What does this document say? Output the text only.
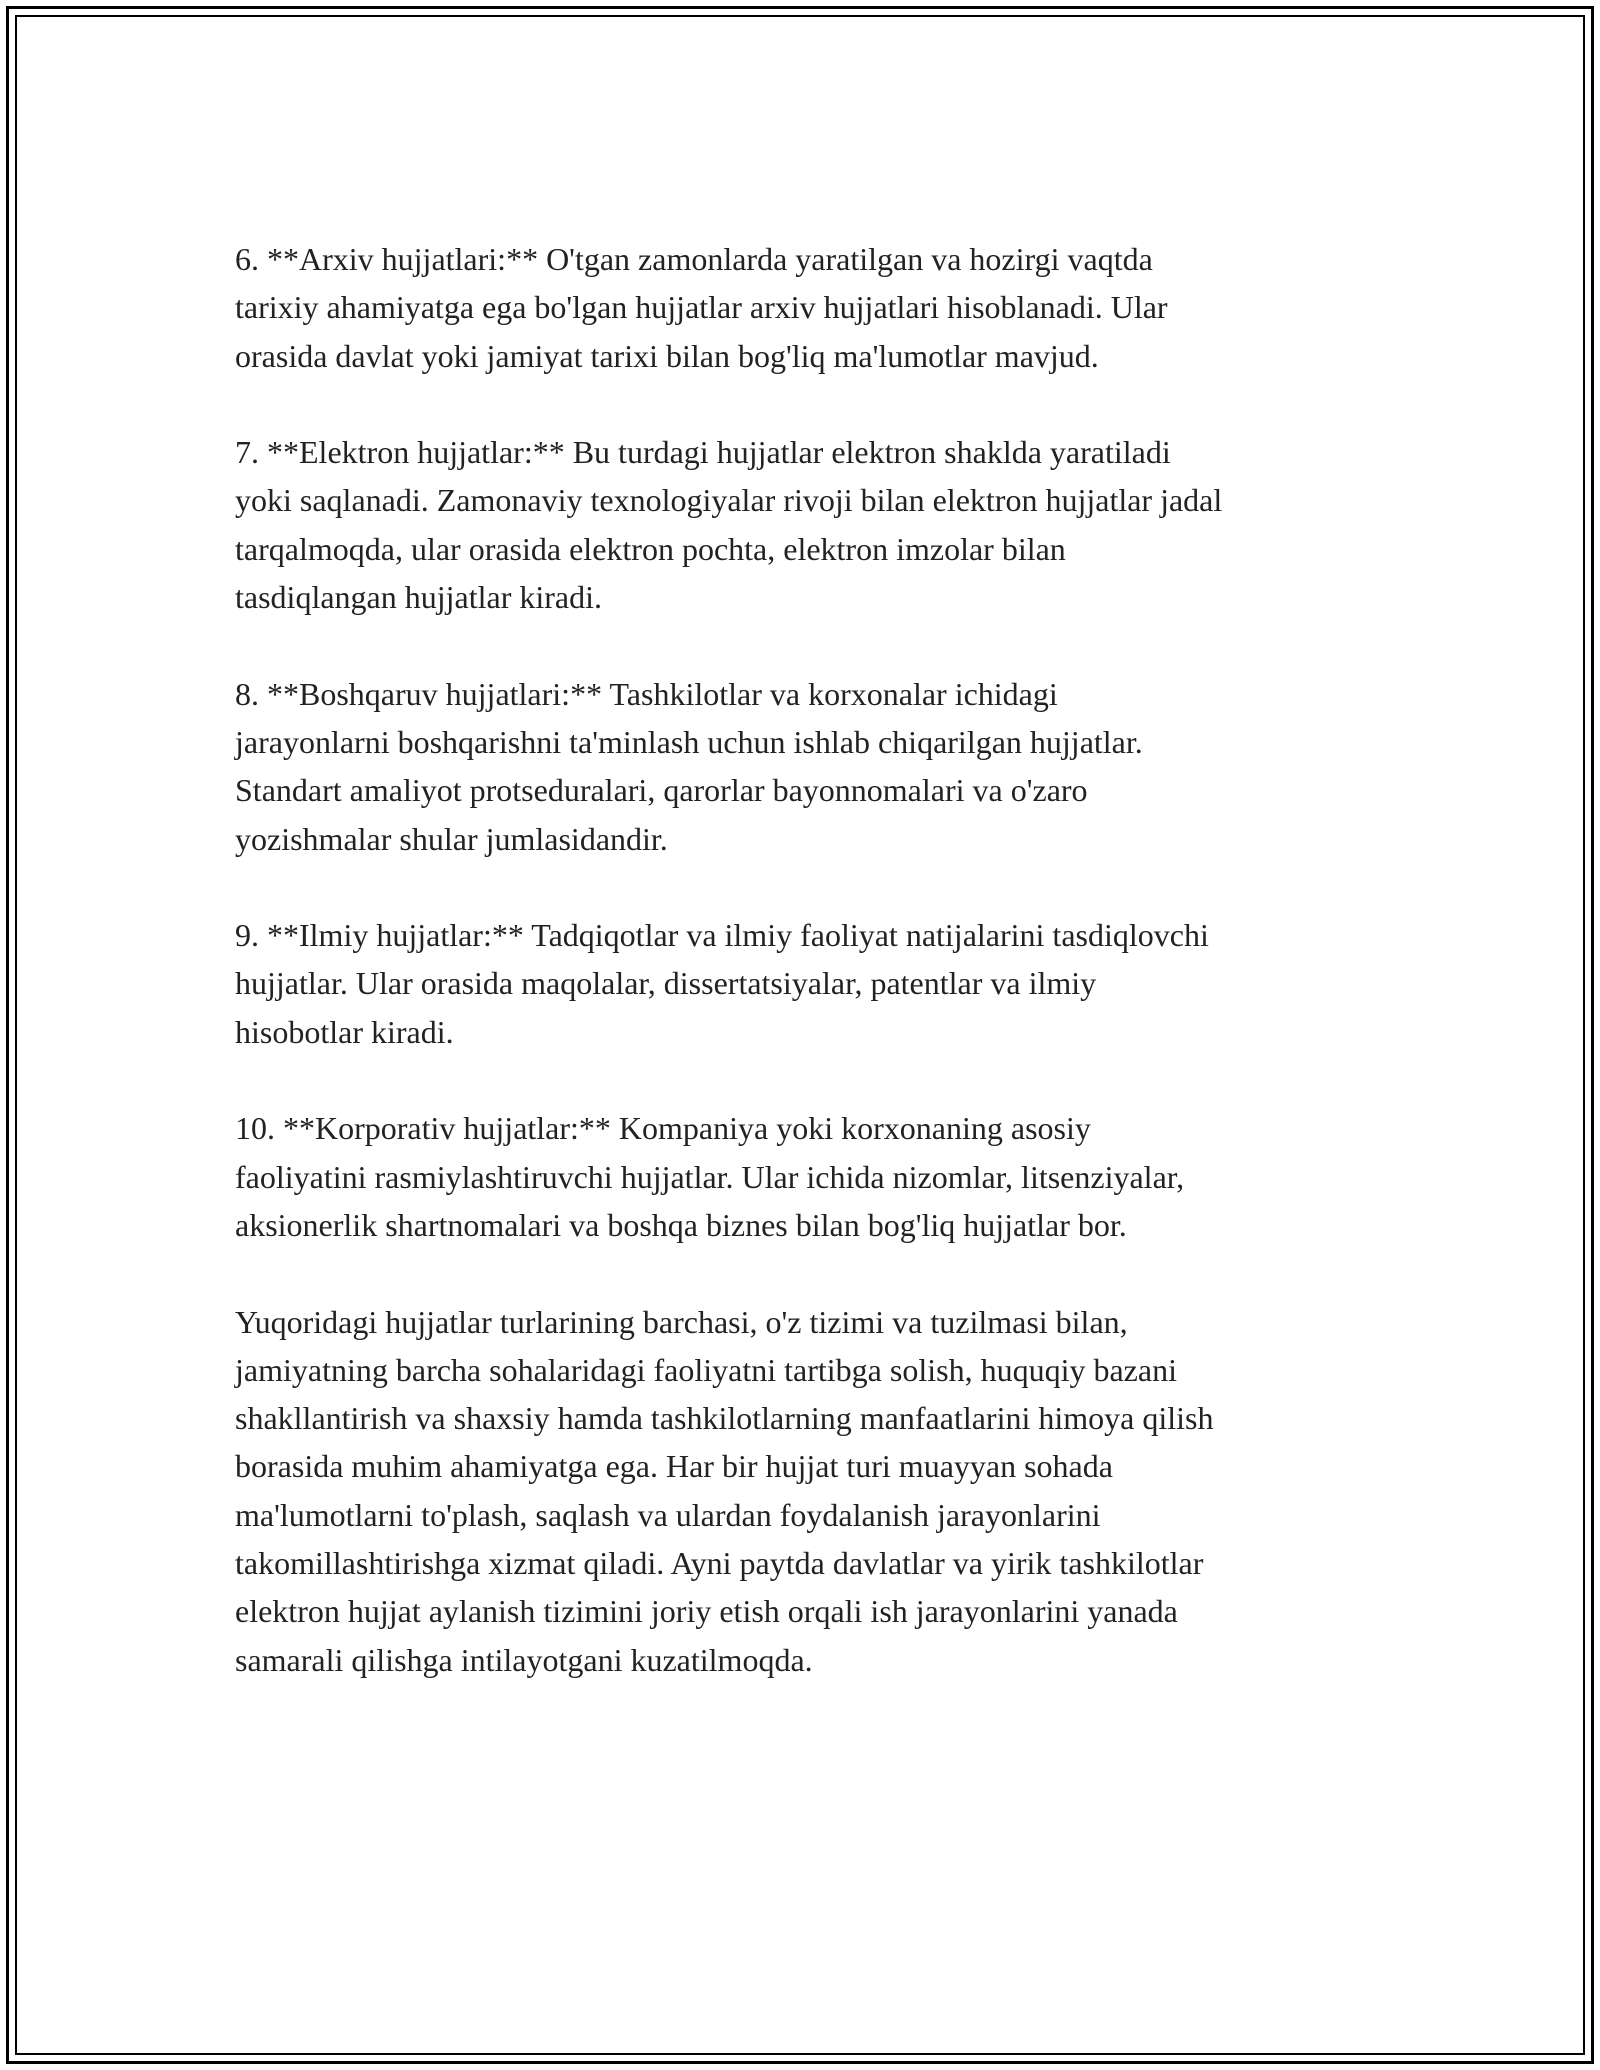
6. **Arxiv hujjatlari:** O'tgan zamonlarda yaratilgan va hozirgi vaqtda
tarixiy ahamiyatga ega bo'lgan hujjatlar arxiv hujjatlari hisoblanadi. Ular
orasida davlat yoki jamiyat tarixi bilan bog'liq ma'lumotlar mavjud.

7. **Elektron hujjatlar:** Bu turdagi hujjatlar elektron shaklda yaratiladi
yoki saqlanadi. Zamonaviy texnologiyalar rivoji bilan elektron hujjatlar jadal
tarqalmoqda, ular orasida elektron pochta, elektron imzolar bilan
tasdiqlangan hujjatlar kiradi.

8. **Boshqaruv hujjatlari:** Tashkilotlar va korxonalar ichidagi
jarayonlarni boshqarishni ta'minlash uchun ishlab chiqarilgan hujjatlar.
Standart amaliyot protseduralari, qarorlar bayonnomalari va o'zaro
yozishmalar shular jumlasidandir.

9. **Ilmiy hujjatlar:** Tadqiqotlar va ilmiy faoliyat natijalarini tasdiqlovchi
hujjatlar. Ular orasida maqolalar, dissertatsiyalar, patentlar va ilmiy
hisobotlar kiradi.

10. **Korporativ hujjatlar:** Kompaniya yoki korxonaning asosiy
faoliyatini rasmiylashtiruvchi hujjatlar. Ular ichida nizomlar, litsenziyalar,
aksionerlik shartnomalari va boshqa biznes bilan bog'liq hujjatlar bor.

Yuqoridagi hujjatlar turlarining barchasi, o'z tizimi va tuzilmasi bilan,
jamiyatning barcha sohalaridagi faoliyatni tartibga solish, huquqiy bazani
shakllantirish va shaxsiy hamda tashkilotlarning manfaatlarini himoya qilish
borasida muhim ahamiyatga ega. Har bir hujjat turi muayyan sohada
ma'lumotlarni to'plash, saqlash va ulardan foydalanish jarayonlarini
takomillashtirishga xizmat qiladi. Ayni paytda davlatlar va yirik tashkilotlar
elektron hujjat aylanish tizimini joriy etish orqali ish jarayonlarini yanada
samarali qilishga intilayotgani kuzatilmoqda.
